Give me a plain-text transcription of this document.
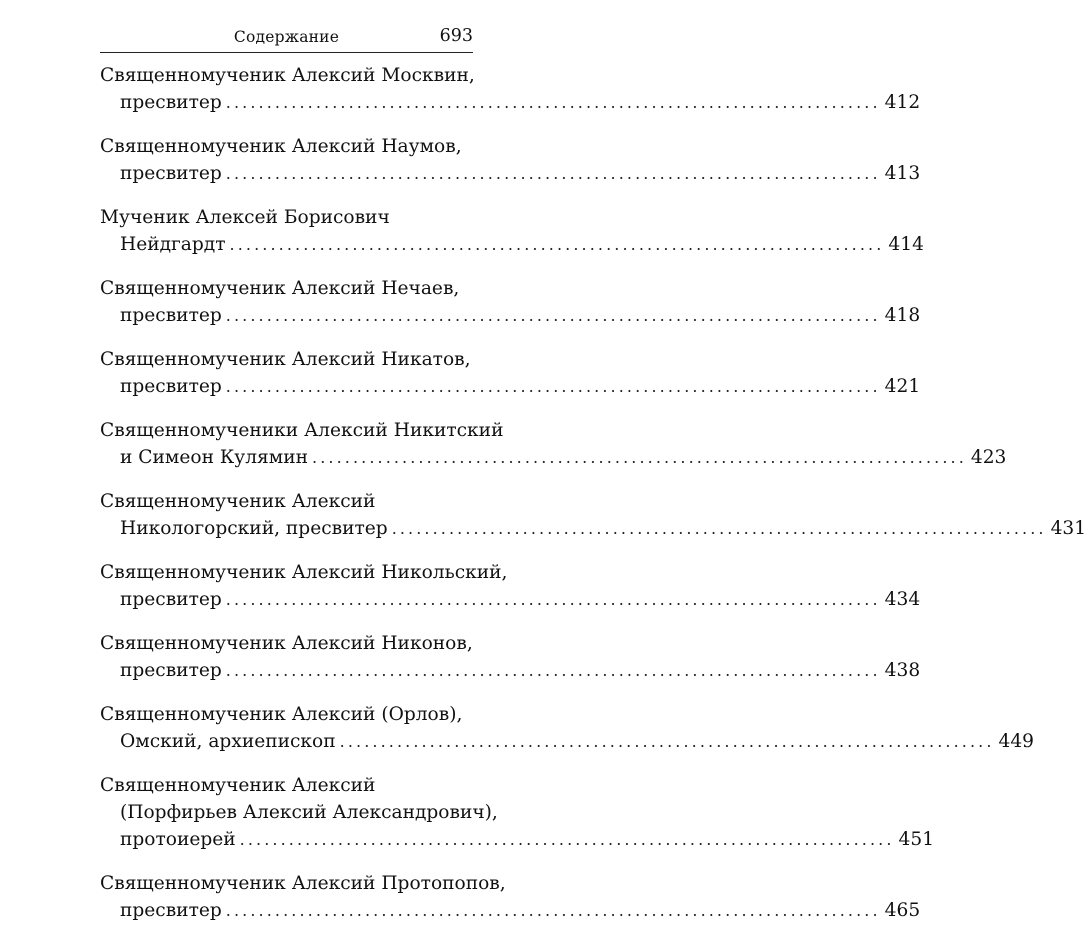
Содержание	693
Священномученик Алексий Москвин,
пресвитер ................................................................................ 412
Священномученик Алексий Наумов,
пресвитер ................................................................................ 413
Мученик Алексей Борисович
Нейдгардт ................................................................................ 414
Священномученик Алексий Нечаев,
пресвитер ................................................................................ 418
Священномученик Алексий Никатов,
пресвитер ................................................................................ 421
Священномученики Алексий Никитский
и Симеон Кулямин ................................................................................ 423
Священномученик Алексий
Никологорский, пресвитер ................................................................................ 431
Священномученик Алексий Никольский,
пресвитер ................................................................................ 434
Священномученик Алексий Никонов,
пресвитер ................................................................................ 438
Священномученик Алексий (Орлов),
Омский, архиепископ ................................................................................ 449
Священномученик Алексий
(Порфирьев Алексий Александрович),
протоиерей ................................................................................ 451
Священномученик Алексий Протопопов,
пресвитер ................................................................................ 465
